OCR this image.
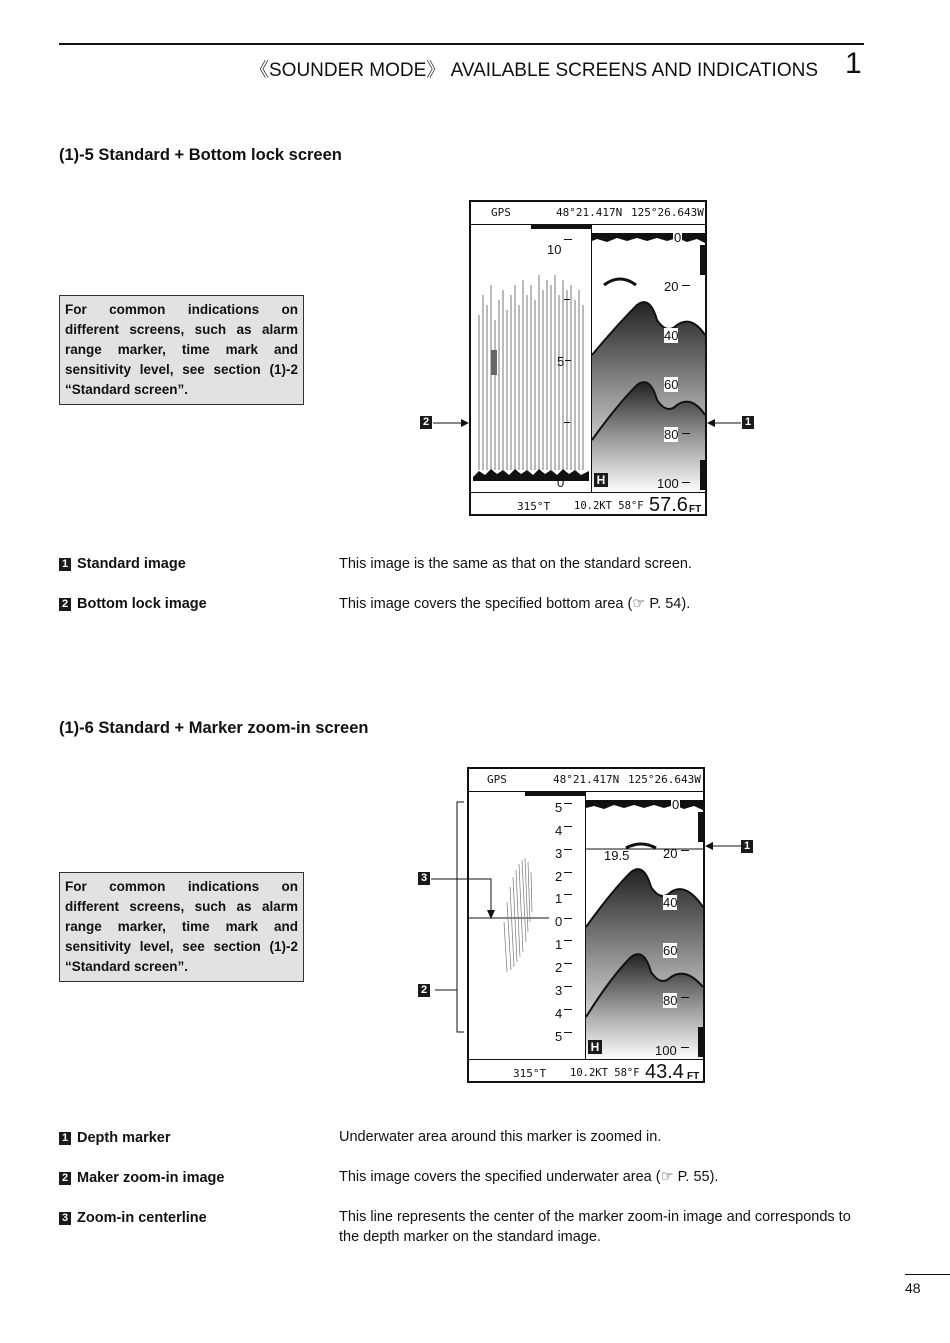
《SOUNDER MODE》 AVAILABLE SCREENS AND INDICATIONS 1
(1)-5 Standard + Bottom lock screen
For common indications on different screens, such as alarm range marker, time mark and sensitivity level, see section (1)-2 “Standard screen”.
GPS	48°21.417N 125°26.643W
10
5
0
0
20
40
60
80
100
H
315°T 10.2KT 58°F 57.6 FT
2	1
1 Standard image	This image is the same as that on the standard screen.
2 Bottom lock image	This image covers the specified bottom area (☞ P. 54).
(1)-6 Standard + Marker zoom-in screen
For common indications on different screens, such as alarm range marker, time mark and sensitivity level, see section (1)-2 “Standard screen”.
GPS	48°21.417N 125°26.643W
5
4
3
2
1
0
1
2
3
4
5
19.5
0
20
40
60
80
100
H
315°T 10.2KT 58°F 43.4 FT
3
2
1
1 Depth marker	Underwater area around this marker is zoomed in.
2 Maker zoom-in image	This image covers the specified underwater area (☞ P. 55).
3 Zoom-in centerline	This line represents the center of the marker zoom-in image and corresponds to the depth marker on the standard image.
48
